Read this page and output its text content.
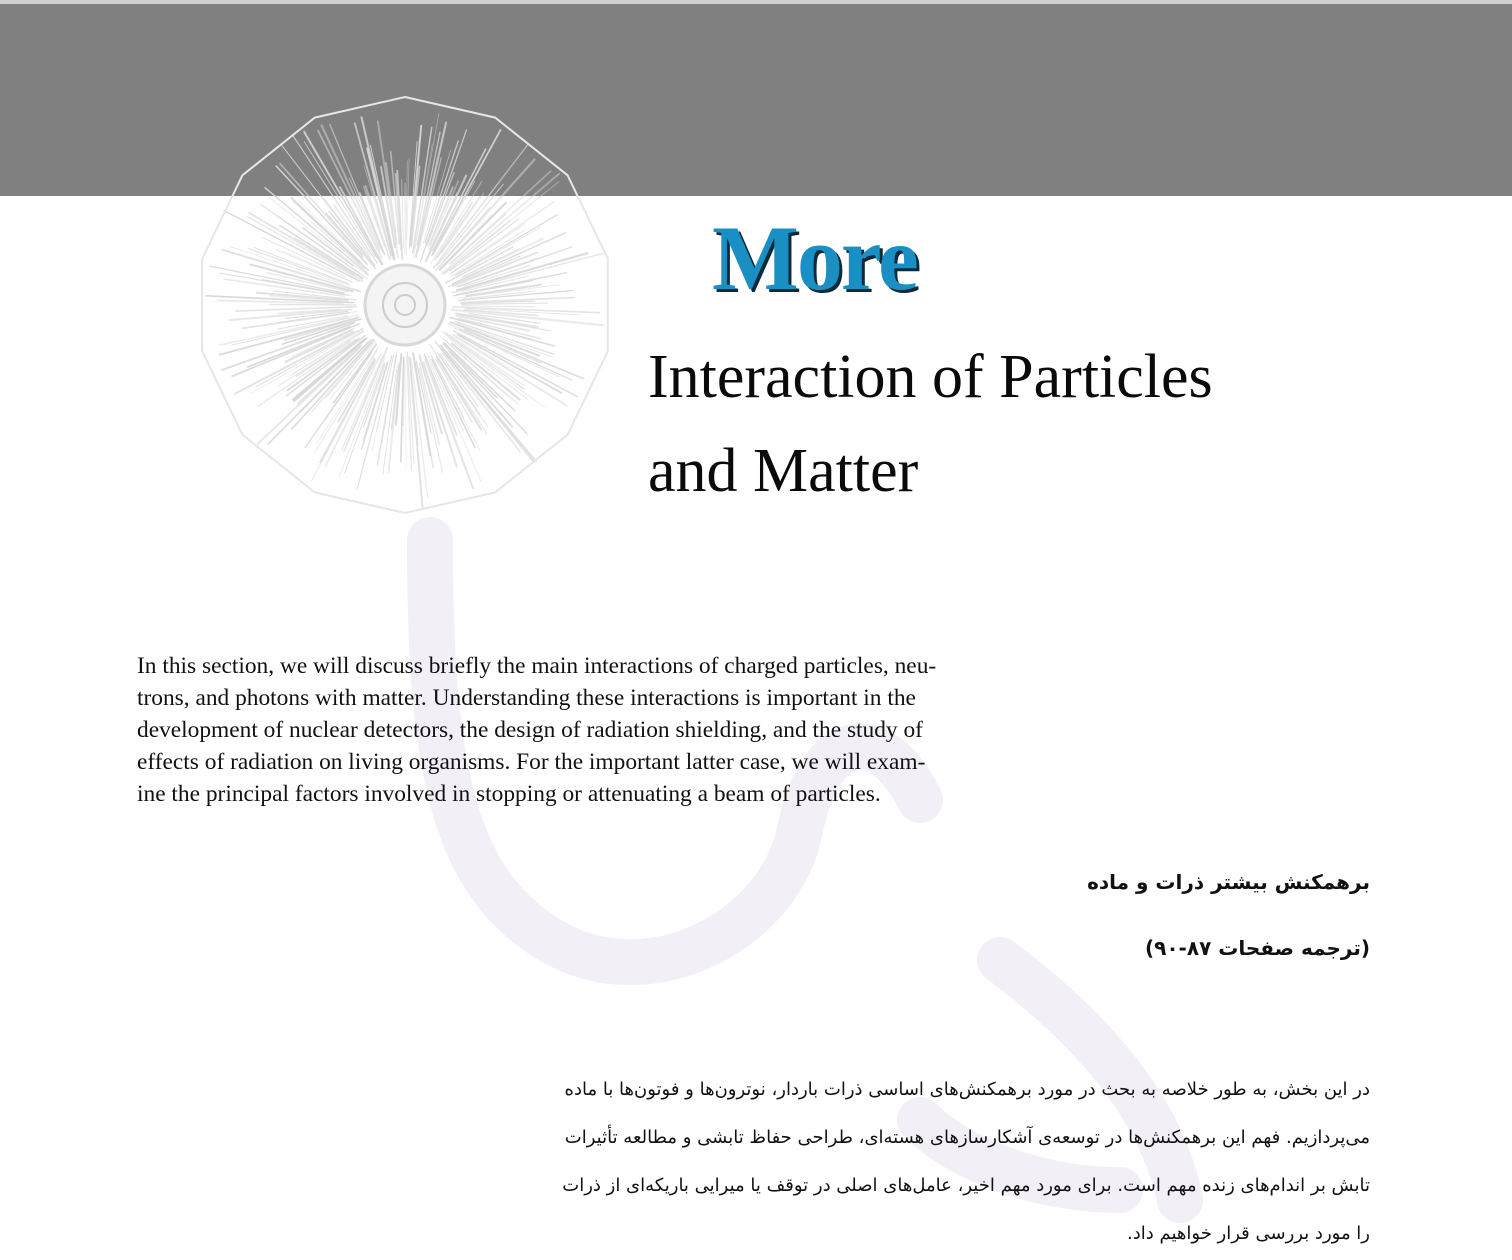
More
Interaction of Particles
and Matter

In this section, we will discuss briefly the main interactions of charged particles, neu-
trons, and photons with matter. Understanding these interactions is important in the
development of nuclear detectors, the design of radiation shielding, and the study of
effects of radiation on living organisms. For the important latter case, we will exam-
ine the principal factors involved in stopping or attenuating a beam of particles.

برهمکنش بیشتر ذرات و ماده

(ترجمه صفحات ۸۷-۹۰)

در این بخش، به طور خلاصه به بحث در مورد برهمکنش‌های اساسی ذرات باردار، نوترون‌ها و فوتون‌ها با ماده
می‌پردازیم. فهم این برهمکنش‌ها در توسعه‌ی آشکارسازهای هسته‌ای، طراحی حفاظ تابشی و مطالعه تأثیرات
تابش بر اندام‌های زنده مهم است. برای مورد مهم اخیر، عامل‌های اصلی در توقف یا میرایی باریکه‌ای از ذرات
را مورد بررسی قرار خواهیم داد.
